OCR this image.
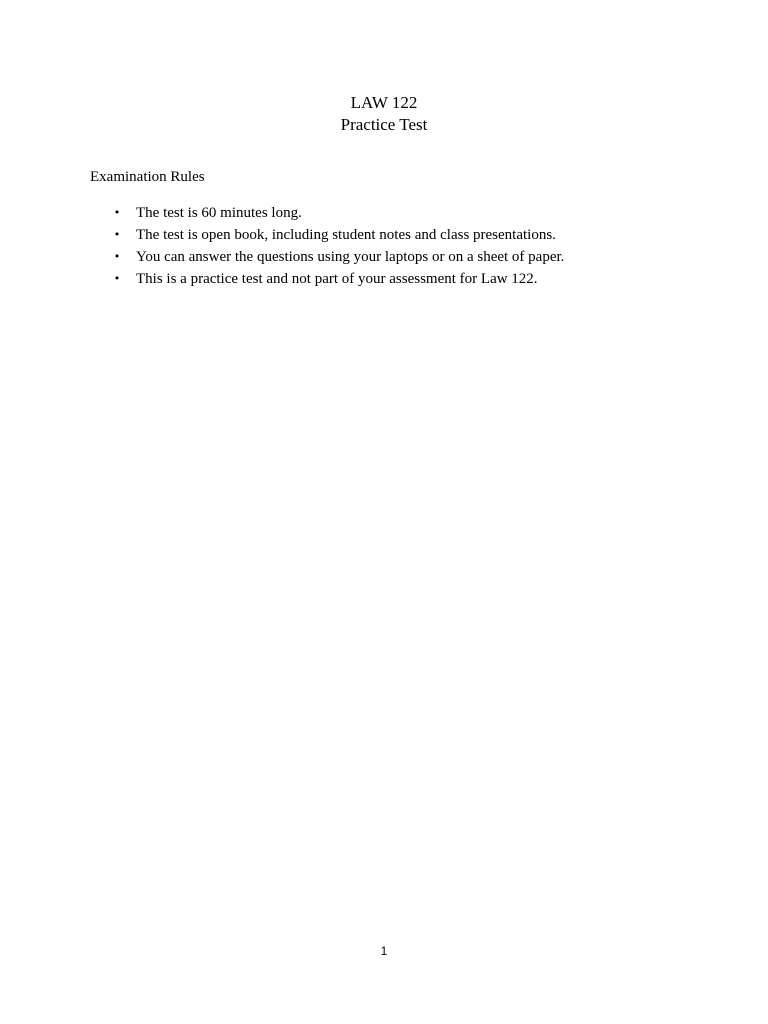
LAW 122
Practice Test

Examination Rules

• The test is 60 minutes long.
• The test is open book, including student notes and class presentations.
• You can answer the questions using your laptops or on a sheet of paper.
• This is a practice test and not part of your assessment for Law 122.
1
